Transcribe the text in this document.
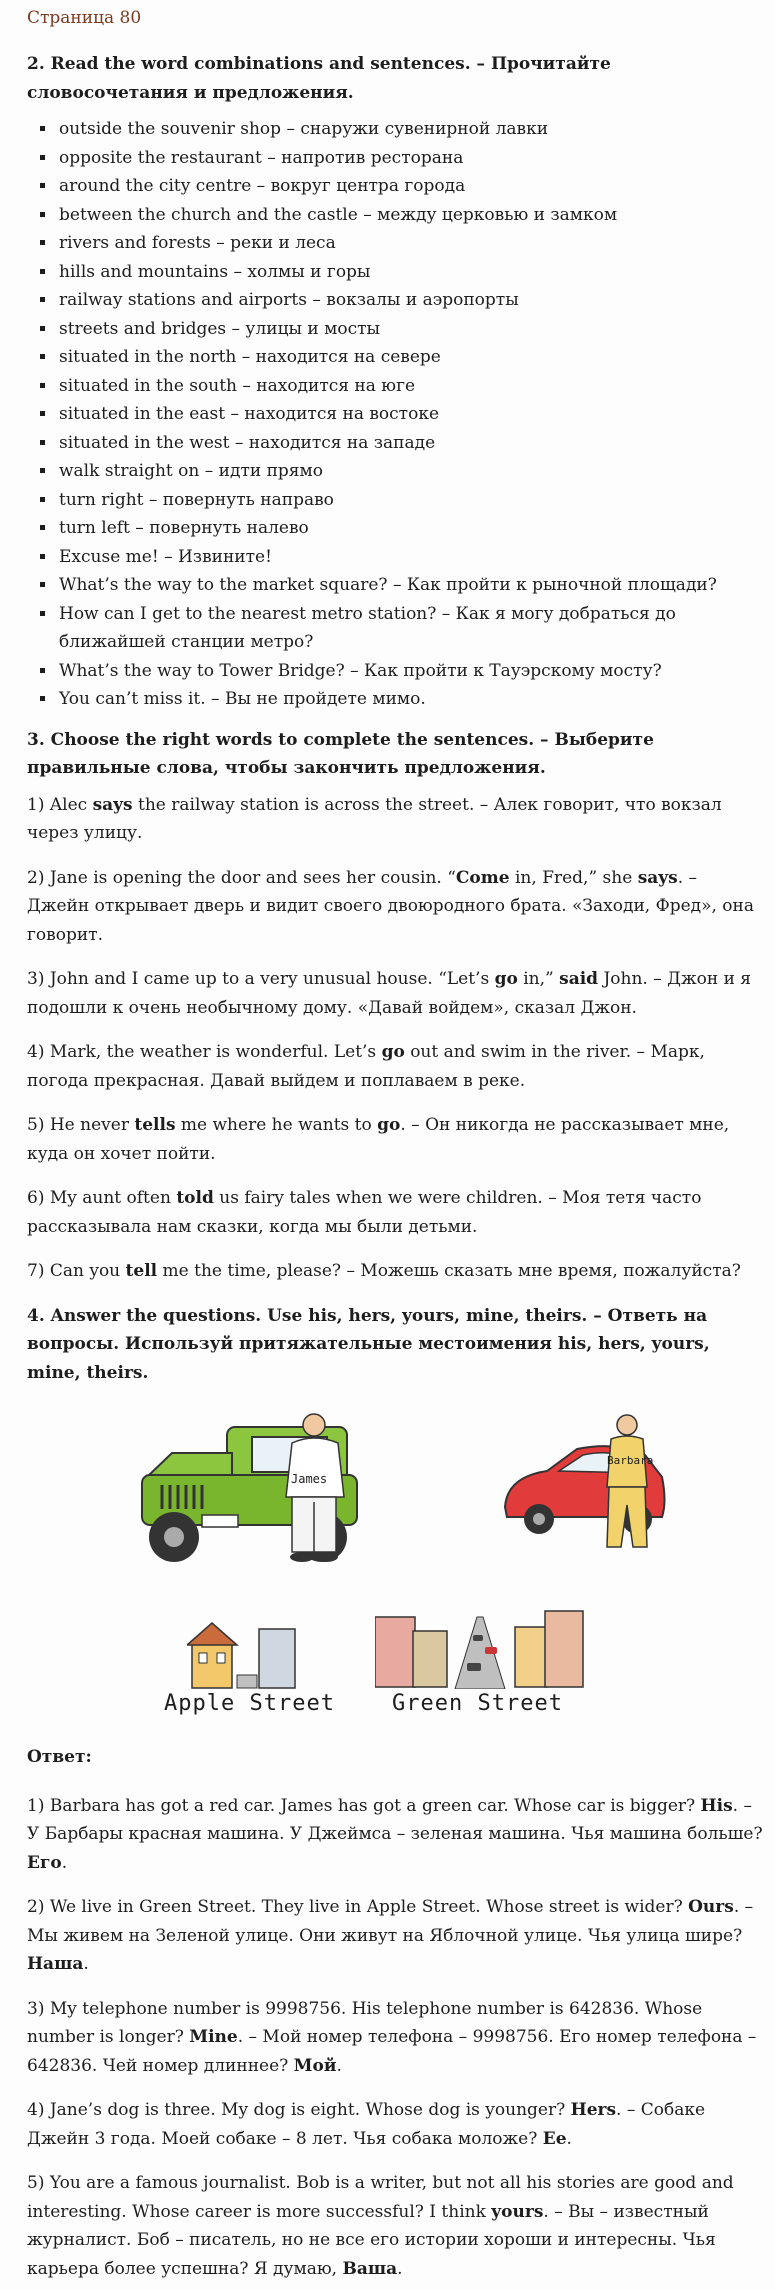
Страница 80
2. Read the word combinations and sentences. – Прочитайте словосочетания и предложения.
▪ outside the souvenir shop – снаружи сувенирной лавки
▪ opposite the restaurant – напротив ресторана
▪ around the city centre – вокруг центра города
▪ between the church and the castle – между церковью и замком
▪ rivers and forests – реки и леса
▪ hills and mountains – холмы и горы
▪ railway stations and airports – вокзалы и аэропорты
▪ streets and bridges – улицы и мосты
▪ situated in the north – находится на севере
▪ situated in the south – находится на юге
▪ situated in the east – находится на востоке
▪ situated in the west – находится на западе
▪ walk straight on – идти прямо
▪ turn right – повернуть направо
▪ turn left – повернуть налево
▪ Excuse me! – Извините!
▪ What’s the way to the market square? – Как пройти к рыночной площади?
▪ How can I get to the nearest metro station? – Как я могу добраться до ближайшей станции метро?
▪ What’s the way to Tower Bridge? – Как пройти к Тауэрскому мосту?
▪ You can’t miss it. – Вы не пройдете мимо.
3. Choose the right words to complete the sentences. – Выберите правильные слова, чтобы закончить предложения.

1) Alec says the railway station is across the street. – Алек говорит, что вокзал через улицу.

2) Jane is opening the door and sees her cousin. “Come in, Fred,” she says. – Джейн открывает дверь и видит своего двоюродного брата. «Заходи, Фред», она говорит.

3) John and I came up to a very unusual house. “Let’s go in,” said John. – Джон и я подошли к очень необычному дому. «Давай войдем», сказал Джон.

4) Mark, the weather is wonderful. Let’s go out and swim in the river. – Марк, погода прекрасная. Давай выйдем и поплаваем в реке.

5) He never tells me where he wants to go. – Он никогда не рассказывает мне, куда он хочет пойти.

6) My aunt often told us fairy tales when we were children. – Моя тетя часто рассказывала нам сказки, когда мы были детьми.

7) Can you tell me the time, please? – Можешь сказать мне время, пожалуйста?

4. Answer the questions. Use his, hers, yours, mine, theirs. – Ответь на вопросы. Используй притяжательные местоимения his, hers, yours, mine, theirs.
James
Barbara
Apple Street	Green Street
Ответ:

1) Barbara has got a red car. James has got a green car. Whose car is bigger? His. – У Барбары красная машина. У Джеймса – зеленая машина. Чья машина больше? Его.

2) We live in Green Street. They live in Apple Street. Whose street is wider? Ours. – Мы живем на Зеленой улице. Они живут на Яблочной улице. Чья улица шире? Наша.

3) My telephone number is 9998756. His telephone number is 642836. Whose number is longer? Mine. – Мой номер телефона – 9998756. Его номер телефона – 642836. Чей номер длиннее? Мой.

4) Jane’s dog is three. My dog is eight. Whose dog is younger? Hers. – Собаке Джейн 3 года. Моей собаке – 8 лет. Чья собака моложе? Ее.

5) You are a famous journalist. Bob is a writer, but not all his stories are good and interesting. Whose career is more successful? I think yours. – Вы – известный журналист. Боб – писатель, но не все его истории хороши и интересны. Чья карьера более успешна? Я думаю, Ваша.
